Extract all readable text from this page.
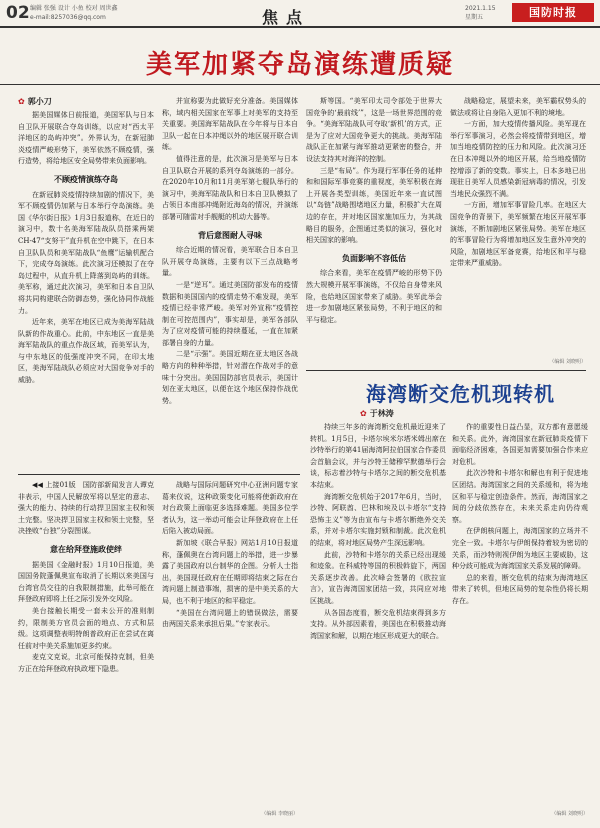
02 编辑 张强 设计 小鱼 校对 周世鑫
e-mail:8257036@qq.com	焦点	2021.1.15
星期五	国防时报
美军加紧夺岛演练遭质疑
✿ 郭小刀

据美国媒体日前报道，美国军队与日本自卫队开展联合夺岛训练，以应对“西太平洋地区的岛屿冲突”。外界认为，在新冠肺炎疫情严峻形势下，美军依然不顾疫情，强行造势，将给地区安全局势带来负面影响。

不顾疫情演练夺岛

在新冠肺炎疫情持续加剧的情况下，美军不顾疫情仍加紧与日本举行夺岛演练。美国《华尔街日报》1月3日报道称，在近日的演习中，数十名美海军陆战队员搭乘两架CH-47“支努干”直升机在空中跳下，在日本自卫队队员和美军陆战队“鱼鹰”运输机配合下，完成夺岛演练。此次演习还模拟了在夺岛过程中，从直升机上降落到岛屿的训练。美军称，通过此次演习，美军和日本自卫队将共同构建联合防御态势，强化协同作战能力。

近年来，美军在地区已成为美海军陆战队新的作战重心。此前，中东地区一直是美海军陆战队的重点作战区域，而美军认为，与中东地区的低强度冲突不同，在印太地区，美海军陆战队必须应对大国竞争对手的威胁。

并宣称要为此做好充分准备。美国媒体称，域内相关国家在军事上对美军的支持至关重要。美国海军陆战队在今年将与日本自卫队一起在日本冲绳以外的地区展开联合训练。

值得注意的是，此次演习是美军与日本自卫队联合开展的系列夺岛演练的一部分。在2020年10月和11月美军第七舰队举行的演习中，美海军陆战队和日本自卫队模拟了占领日本南部冲绳附近海岛的情况，并演练部署可随雷对手舰艇的机动大器等。

背后意图耐人寻味

综合近期的情况看，美军联合日本自卫队开展夺岛演练，主要有以下三点战略考量。

一是“逆耳”。通过美国防部发布的疫情数据和美国国内的疫情走势不难发现，美军疫情已经非常严峻。美军对外宣称“疫情控制在可控范围内”，事实却是，美军各部队为了应对疫情可能的持续蔓延，一直在加紧部署自身的力量。

二是“示强”。美国近期在亚太地区各战略方向的种种举措，针对潜在作战对手的意味十分突出。美国国防部官员表示，美国计划在亚太地区，以便在这个地区保持作战优势。

斯等国。“美军印太司令部处于世界大国竞争的‘最前线’”，这是一场世界范围的竞争。“美海军陆战队可夺取‘新机’的方式，正是为了应对大国竞争更大的挑战。美海军陆战队正在加紧与海军推动更紧密的整合，并设法支持其对海洋的控制。

三是“布局”。作为现行军事任务的延伸和和国际军事竞赛的重视度，美军积极在海上开展各类型训练，美国近年来一直试图以“岛链”战略围堵地区力量，积极扩大在周边的存在，并对地区国家施加压力，为其战略目的服务，企图通过类似的演习，强化对相关国家的影响。

负面影响不容低估

综合来看，美军在疫情严峻的形势下仍然大规模开展军事演练，不仅给自身带来风险，也给地区国家带来了威胁。美军此举会进一步加剧地区紧张局势，不利于地区的和平与稳定。

战略稳定，展望未来，美军霸权势头的做法或将让自身陷入更加不利的境地。

一方面，加大疫情传播风险。美军现在举行军事演习，必然会将疫情带到地区，增加当地疫情防控的压力和风险。此次演习还在日本冲绳以外的地区开展，给当地疫情防控增添了新的变数。事实上，日本多地已出现驻日美军人员感染新冠病毒的情况，引发当地民众强烈不满。

一方面，增加军事冒险几率。在地区大国竞争的背景下，美军频繁在地区开展军事演练，不断加剧地区紧张局势。美军在地区的军事冒险行为将增加地区发生意外冲突的风险，加剧地区军备竞赛，给地区和平与稳定带来严重威胁。

（编辑 刘晓明）

◀◀ 上接01版　国防部新闻发言人谭克非表示，中国人民解放军将以坚定的意志、强大的能力、持续的行动捍卫国家主权和领土完整。坚决捍卫国家主权和领土完整，坚决挫败“台独”分裂图谋。

意在给拜登施政使绊

据美国《金融时报》1月10日报道，美国国务院蓬佩奥宣布取消了长期以来美国与台湾官员交往的自我限制措施，此举可能在拜登政府即将上任之际引发外交风险。

美台接触长期受一套未公开的准则制约，限制美方官员会面的地点、方式和层级。这项调整表明特朗普政府正在尝试在离任前对中美关系施加更多约束。

麦克文克说，北京可能保持克制，但美方正在给拜登政府执政埋下隐患。

战略与国际问题研究中心亚洲问题专家葛来仪说，这种政策变化可能将使新政府在对台政策上面临更多选择难题。美国多位学者认为，这一举动可能会让拜登政府在上任后陷入被动局面。

新加坡《联合早报》网站1月10日报道称，蓬佩奥在台湾问题上的举措，进一步暴露了美国政府以台制华的企图。分析人士指出，美国现任政府在任期即将结束之际在台湾问题上制造事端，损害的是中美关系的大局，也不利于地区的和平稳定。

“美国在台湾问题上的错误做法，需要由两国关系来承担后果。”专家表示。

（编辑 李晓丽）
海湾断交危机现转机
✿ 于林涛

持续三年多的海湾断交危机最近迎来了转机。1月5日，卡塔尔埃米尔塔米姆出席在沙特举行的第41届海湾阿拉伯国家合作委员会首脑会议，并与沙特王储穆罕默德举行会谈，标志着沙特与卡塔尔之间的断交危机基本结束。

海湾断交危机始于2017年6月，当时，沙特、阿联酋、巴林和埃及以卡塔尔“支持恐怖主义”等为由宣布与卡塔尔断绝外交关系，并对卡塔尔实施封锁和制裁。此次危机的结束，将对地区局势产生深远影响。

此前，沙特和卡塔尔的关系已经出现缓和迹象。在科威特等国的积极斡旋下，两国关系逐步改善。此次峰会签署的《欧拉宣言》，宣告海湾国家团结一致，共同应对地区挑战。

从各国态度看，断交危机结束得到多方支持。从外部因素看，美国也在积极推动海湾国家和解，以期在地区形成更大的联合。

作的重要性日益凸显，双方都有意愿缓和关系。此外，海湾国家在新冠肺炎疫情下面临经济困难，各国更加需要加强合作来应对危机。

此次沙特和卡塔尔和解也有利于促进地区团结。海湾国家之间的关系缓和，将为地区和平与稳定创造条件。然而，海湾国家之间的分歧依然存在，未来关系走向仍待观察。

在伊朗核问题上，海湾国家的立场并不完全一致。卡塔尔与伊朗保持着较为密切的关系，而沙特则视伊朗为地区主要威胁，这种分歧可能成为海湾国家关系发展的障碍。

总的来看，断交危机的结束为海湾地区带来了转机，但地区局势的复杂性仍将长期存在。

（编辑 刘晓明）
